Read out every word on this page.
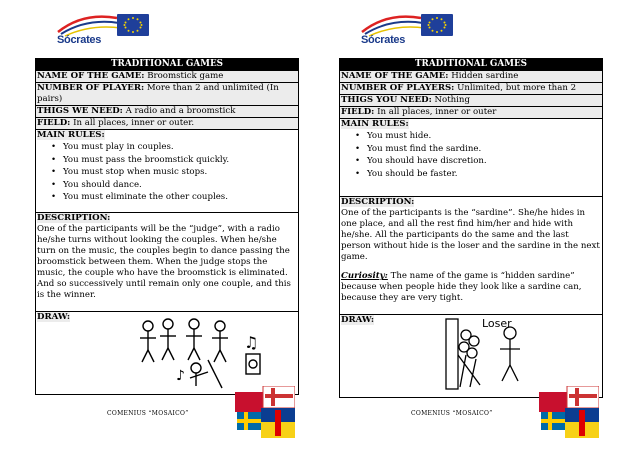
Sócrates
TRADITIONAL GAMES
NAME OF THE GAME: Broomstick game
NUMBER OF PLAYER: More than 2 and unlimited (In pairs)
THIGS WE NEED: A radio and a broomstick
FIELD: In all places, inner or outer.
MAIN RULES:
• You must play in couples.
• You must pass the broomstick quickly.
• You must stop when music stops.
• You should dance.
• You must eliminate the other couples.
DESCRIPTION:

One of the participants will be the “judge”, with a radio he/she turns without looking the couples. When he/she turn on the music, the couples begin to dance passing the broomstick between them. When the judge stops the music, the couple who have the broomstick is eliminated. And so successively until remain only one couple, and this is the winner.

DRAW:
♫
♪
COMENIUS “MOSAICO”
Sócrates
TRADITIONAL GAMES
NAME OF THE GAME: Hidden sardine
NUMBER OF PLAYERS: Unlimited, but more than 2
THIGS YOU NEED: Nothing
FIELD: In all places, inner or outer
MAIN RULES:
• You must hide.
• You must find the sardine.
• You should have discretion.
• You should be faster.
DESCRIPTION:

One of the participants is the “sardine”. She/he hides in one place, and all the rest find him/her and hide with he/she. All the participants do the same and the last person without hide is the loser and the sardine in the next game.

Curiosity: The name of the game is “hidden sardine” because when people hide they look like a sardine can, because they are very tight.

DRAW:	Loser
COMENIUS “MOSAICO”
